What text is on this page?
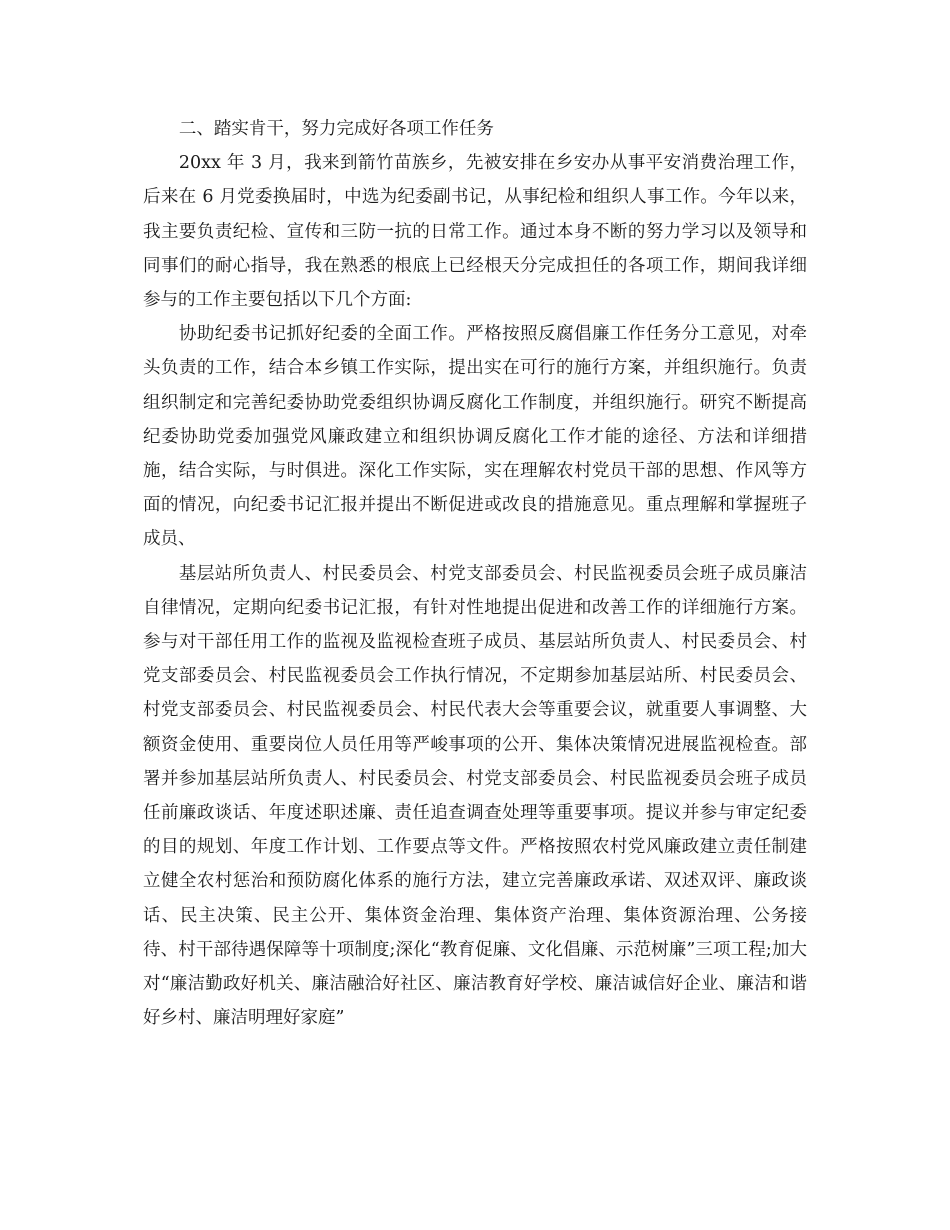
二、踏实肯干，努力完成好各项工作任务

20xx 年 3 月，我来到箭竹苗族乡，先被安排在乡安办从事平安消费治理工作，后来在 6 月党委换届时，中选为纪委副书记，从事纪检和组织人事工作。今年以来，我主要负责纪检、宣传和三防一抗的日常工作。通过本身不断的努力学习以及领导和同事们的耐心指导，我在熟悉的根底上已经根天分完成担任的各项工作，期间我详细参与的工作主要包括以下几个方面:

协助纪委书记抓好纪委的全面工作。严格按照反腐倡廉工作任务分工意见，对牵头负责的工作，结合本乡镇工作实际，提出实在可行的施行方案，并组织施行。负责组织制定和完善纪委协助党委组织协调反腐化工作制度，并组织施行。研究不断提高纪委协助党委加强党风廉政建立和组织协调反腐化工作才能的途径、方法和详细措施，结合实际，与时俱进。深化工作实际，实在理解农村党员干部的思想、作风等方面的情况，向纪委书记汇报并提出不断促进或改良的措施意见。重点理解和掌握班子成员、

基层站所负责人、村民委员会、村党支部委员会、村民监视委员会班子成员廉洁自律情况，定期向纪委书记汇报，有针对性地提出促进和改善工作的详细施行方案。参与对干部任用工作的监视及监视检查班子成员、基层站所负责人、村民委员会、村党支部委员会、村民监视委员会工作执行情况，不定期参加基层站所、村民委员会、村党支部委员会、村民监视委员会、村民代表大会等重要会议，就重要人事调整、大额资金使用、重要岗位人员任用等严峻事项的公开、集体决策情况进展监视检查。部署并参加基层站所负责人、村民委员会、村党支部委员会、村民监视委员会班子成员任前廉政谈话、年度述职述廉、责任追查调查处理等重要事项。提议并参与审定纪委的目的规划、年度工作计划、工作要点等文件。严格按照农村党风廉政建立责任制建立健全农村惩治和预防腐化体系的施行方法，建立完善廉政承诺、双述双评、廉政谈话、民主决策、民主公开、集体资金治理、集体资产治理、集体资源治理、公务接待、村干部待遇保障等十项制度;深化“教育促廉、文化倡廉、示范树廉”三项工程;加大对“廉洁勤政好机关、廉洁融洽好社区、廉洁教育好学校、廉洁诚信好企业、廉洁和谐好乡村、廉洁明理好家庭”
